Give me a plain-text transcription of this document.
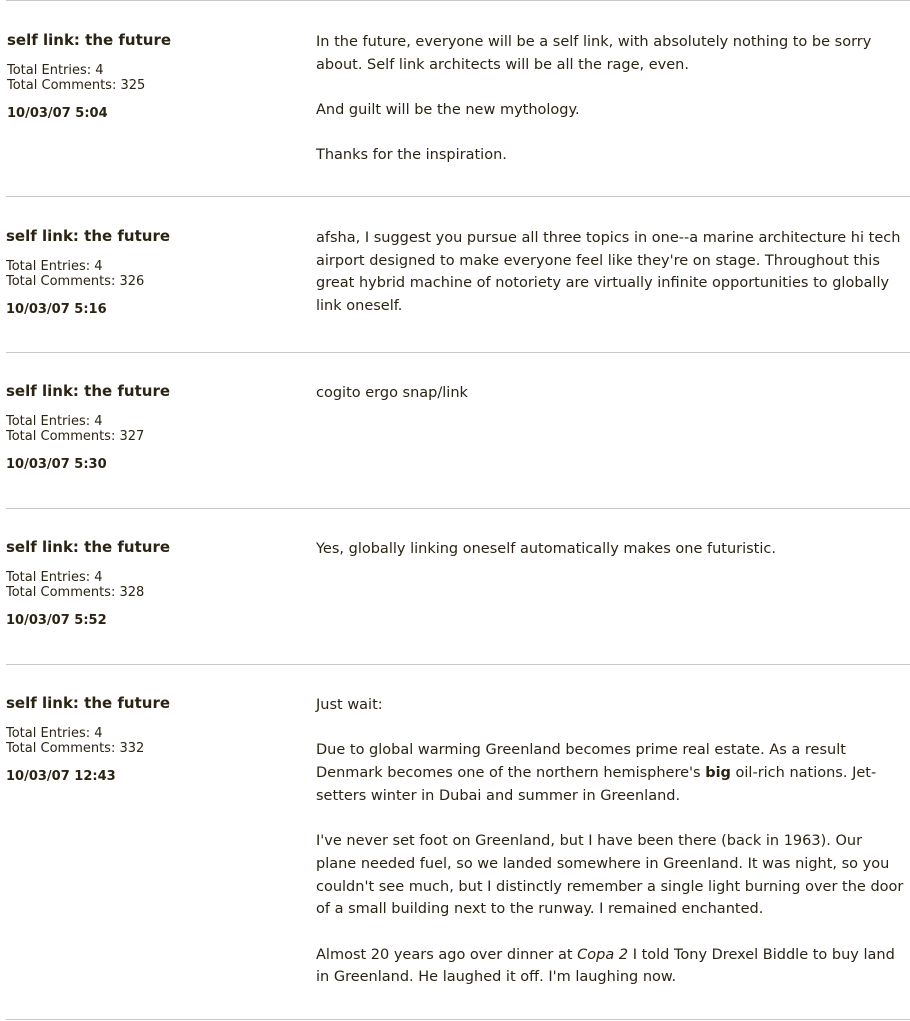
self link: the future
Total Entries: 4
Total Comments: 325
10/03/07 5:04

In the future, everyone will be a self link, with absolutely nothing to be sorry about. Self link architects will be all the rage, even.

And guilt will be the new mythology.

Thanks for the inspiration.

self link: the future
Total Entries: 4
Total Comments: 326
10/03/07 5:16

afsha, I suggest you pursue all three topics in one--a marine architecture hi tech airport designed to make everyone feel like they're on stage. Throughout this great hybrid machine of notoriety are virtually infinite opportunities to globally link oneself.

self link: the future
Total Entries: 4
Total Comments: 327
10/03/07 5:30

cogito ergo snap/link

self link: the future
Total Entries: 4
Total Comments: 328
10/03/07 5:52

Yes, globally linking oneself automatically makes one futuristic.

self link: the future
Total Entries: 4
Total Comments: 332
10/03/07 12:43

Just wait:

Due to global warming Greenland becomes prime real estate. As a result Denmark becomes one of the northern hemisphere's big oil-rich nations. Jet-setters winter in Dubai and summer in Greenland.

I've never set foot on Greenland, but I have been there (back in 1963). Our plane needed fuel, so we landed somewhere in Greenland. It was night, so you couldn't see much, but I distinctly remember a single light burning over the door of a small building next to the runway. I remained enchanted.

Almost 20 years ago over dinner at Copa 2 I told Tony Drexel Biddle to buy land in Greenland. He laughed it off. I'm laughing now.
